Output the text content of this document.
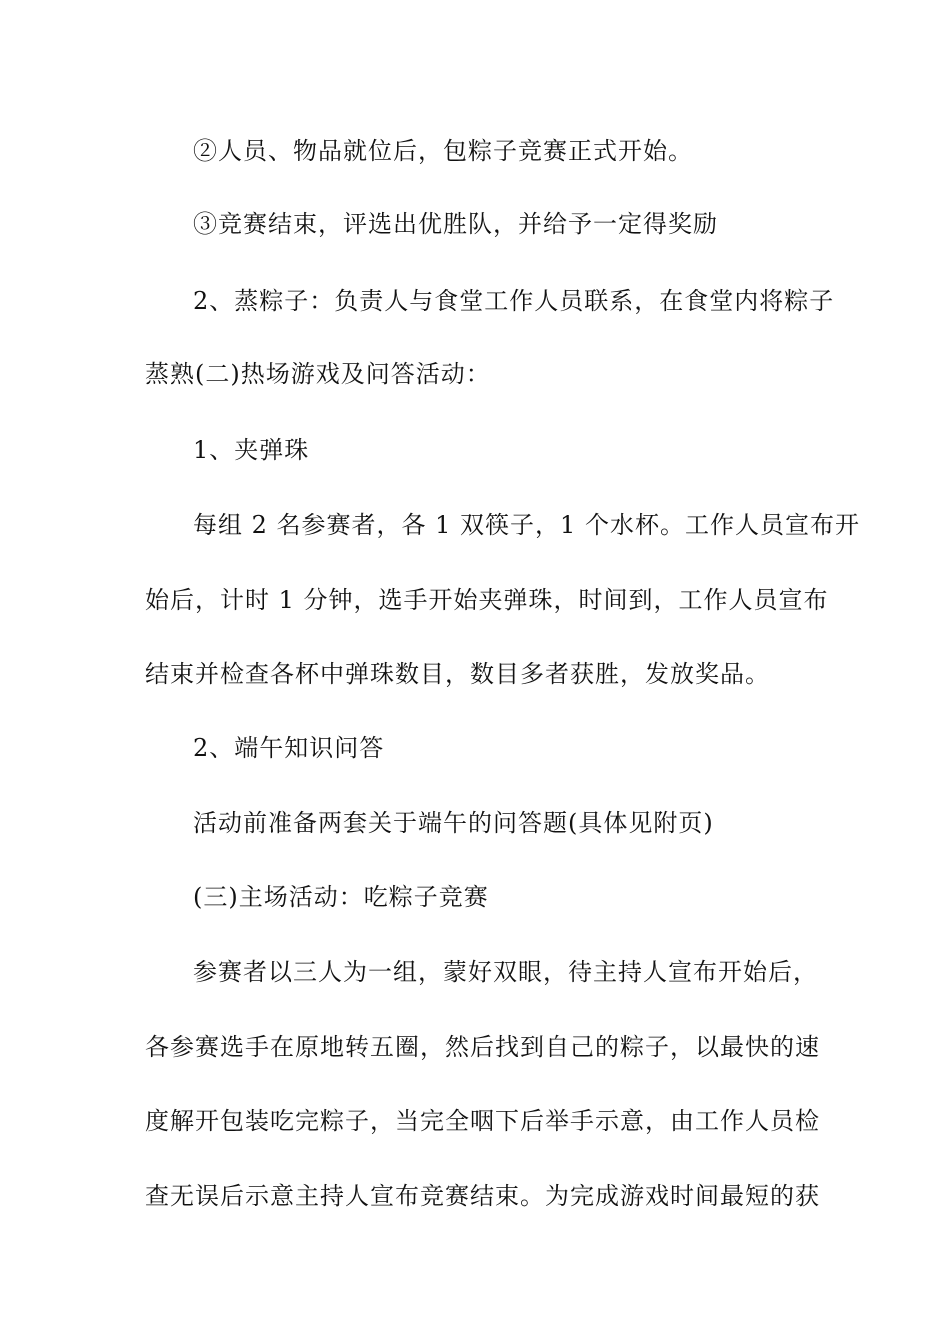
②人员、物品就位后，包粽子竞赛正式开始。
③竞赛结束，评选出优胜队，并给予一定得奖励
2、蒸粽子：负责人与食堂工作人员联系，在食堂内将粽子
蒸熟(二)热场游戏及问答活动：
1、夹弹珠
每组 2 名参赛者，各 1 双筷子，1 个水杯。工作人员宣布开
始后，计时 1 分钟，选手开始夹弹珠，时间到，工作人员宣布
结束并检查各杯中弹珠数目，数目多者获胜，发放奖品。
2、端午知识问答
活动前准备两套关于端午的问答题(具体见附页)
(三)主场活动：吃粽子竞赛
参赛者以三人为一组，蒙好双眼，待主持人宣布开始后，
各参赛选手在原地转五圈，然后找到自己的粽子，以最快的速
度解开包装吃完粽子，当完全咽下后举手示意，由工作人员检
查无误后示意主持人宣布竞赛结束。为完成游戏时间最短的获
